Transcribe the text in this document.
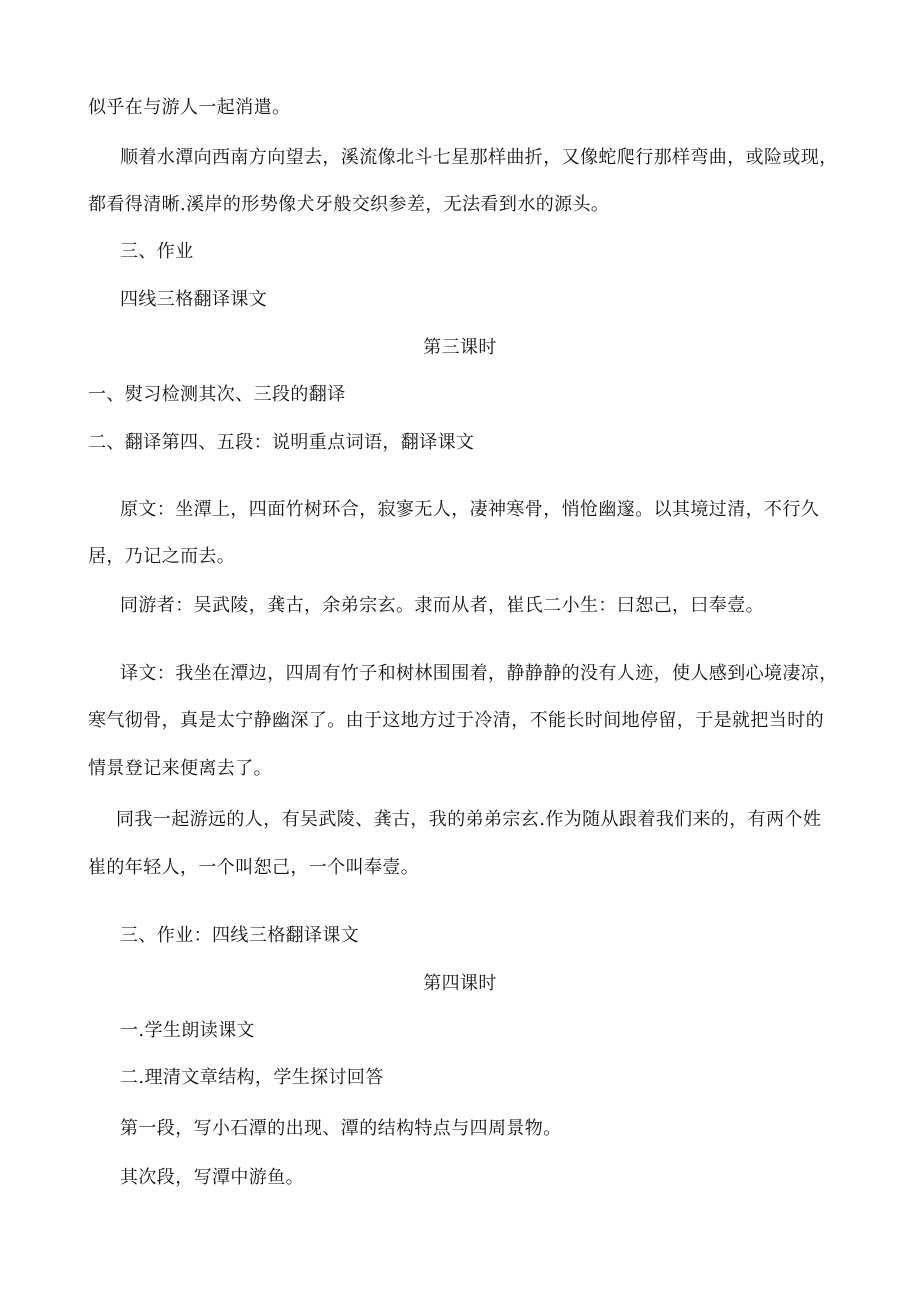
似乎在与游人一起消遣。
顺着水潭向西南方向望去，溪流像北斗七星那样曲折，又像蛇爬行那样弯曲，或险或现，
都看得清晰.溪岸的形势像犬牙般交织参差，无法看到水的源头。
三、作业
四线三格翻译课文
第三课时
一、熨习检测其次、三段的翻译
二、翻译第四、五段：说明重点词语，翻译课文
原文：坐潭上，四面竹树环合，寂寥无人，凄神寒骨，悄怆幽邃。以其境过清，不行久
居，乃记之而去。
同游者：吴武陵，龚古，余弟宗玄。隶而从者，崔氏二小生：曰恕己，曰奉壹。
译文：我坐在潭边，四周有竹子和树林围围着，静静静的没有人迹，使人感到心境凄凉，
寒气彻骨，真是太宁静幽深了。由于这地方过于冷清，不能长时间地停留，于是就把当时的
情景登记来便离去了。
同我一起游远的人，有吴武陵、龚古，我的弟弟宗玄.作为随从跟着我们来的，有两个姓
崔的年轻人，一个叫恕己，一个叫奉壹。
三、作业：四线三格翻译课文
第四课时
一.学生朗读课文
二.理清文章结构，学生探讨回答
第一段，写小石潭的出现、潭的结构特点与四周景物。
其次段，写潭中游鱼。
